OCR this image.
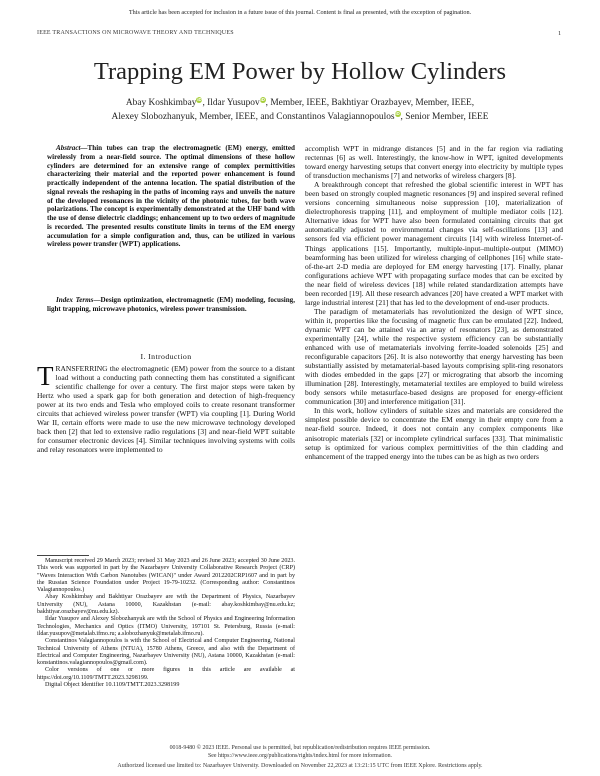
This article has been accepted for inclusion in a future issue of this journal. Content is final as presented, with the exception of pagination.
IEEE TRANSACTIONS ON MICROWAVE THEORY AND TECHNIQUES	1
Trapping EM Power by Hollow Cylinders
Abay KoshkimbayiD, Ildar YusupoviD, Member, IEEE, Bakhtiyar Orazbayev, Member, IEEE,
Alexey Slobozhanyuk, Member, IEEE, and Constantinos ValagiannopoulosiD, Senior Member, IEEE
Abstract—Thin tubes can trap the electromagnetic (EM) energy, emitted wirelessly from a near-field source. The optimal dimensions of these hollow cylinders are determined for an extensive range of complex permittivities characterizing their material and the reported power enhancement is found practically independent of the antenna location. The spatial distribution of the signal reveals the reshaping in the paths of incoming rays and unveils the nature of the developed resonances in the vicinity of the photonic tubes, for both wave polarizations. The concept is experimentally demonstrated at the UHF band with the use of dense dielectric claddings; enhancement up to two orders of magnitude is recorded. The presented results constitute limits in terms of the EM energy accumulation for a simple configuration and, thus, can be utilized in various wireless power transfer (WPT) applications.
Index Terms—Design optimization, electromagnetic (EM) modeling, focusing, light trapping, microwave photonics, wireless power transmission.
I. Introduction
TRANSFERRING the electromagnetic (EM) power from the source to a distant load without a conducting path connecting them has constituted a significant scientific challenge for over a century. The first major steps were taken by Hertz who used a spark gap for both generation and detection of high-frequency power at its two ends and Tesla who employed coils to create resonant transformer circuits that achieved wireless power transfer (WPT) via coupling [1]. During World War II, certain efforts were made to use the new microwave technology developed back then [2] that led to extensive radio regulations [3] and near-field WPT suitable for consumer electronic devices [4]. Similar techniques involving systems with coils and relay resonators were implemented to

Manuscript received 29 March 2023; revised 31 May 2023 and 26 June 2023; accepted 30 June 2023. This work was supported in part by the Nazarbayev University Collaborative Research Project (CRP) "Waves Interaction With Carbon Nanotubes (WICAN)" under Award 2012202CRP1607 and in part by the Russian Science Foundation under Project 19-79-10232. (Corresponding author: Constantinos Valagiannopoulos.)

Abay Koshkimbay and Bakhtiyar Orazbayev are with the Department of Physics, Nazarbayev University (NU), Astana 10000, Kazakhstan (e-mail: abay.koshkimbay@nu.edu.kz; bakhtiyar.orazbayev@nu.edu.kz).

Ildar Yusupov and Alexey Slobozhanyuk are with the School of Physics and Engineering Information Technologies, Mechanics and Optics (ITMO) University, 197101 St. Petersburg, Russia (e-mail: ildar.yusupov@metalab.ifmo.ru; a.slobozhanyuk@metalab.ifmo.ru).

Constantinos Valagiannopoulos is with the School of Electrical and Computer Engineering, National Technical University of Athens (NTUA), 15780 Athens, Greece, and also with the Department of Electrical and Computer Engineering, Nazarbayev University (NU), Astana 10000, Kazakhstan (e-mail: konstantinos.valagiannopoulos@gmail.com).

Color versions of one or more figures in this article are available at https://doi.org/10.1109/TMTT.2023.3298199.

Digital Object Identifier 10.1109/TMTT.2023.3298199

accomplish WPT in midrange distances [5] and in the far region via radiating rectennas [6] as well. Interestingly, the know-how in WPT, ignited developments toward energy harvesting setups that convert energy into electricity by multiple types of transduction mechanisms [7] and networks of wireless chargers [8].

A breakthrough concept that refreshed the global scientific interest in WPT has been based on strongly coupled magnetic resonances [9] and inspired several refined versions concerning simultaneous noise suppression [10], materialization of dielectrophoresis trapping [11], and employment of multiple mediator coils [12]. Alternative ideas for WPT have also been formulated containing circuits that get automatically adjusted to environmental changes via self-oscillations [13] and sensors fed via efficient power management circuits [14] with wireless Internet-of-Things applications [15]. Importantly, multiple-input–multiple-output (MIMO) beamforming has been utilized for wireless charging of cellphones [16] while state-of-the-art 2-D media are deployed for EM energy harvesting [17]. Finally, planar configurations achieve WPT with propagating surface modes that can be excited by the near field of wireless devices [18] while related standardization attempts have been recorded [19]. All these research advances [20] have created a WPT market with large industrial interest [21] that has led to the development of end-user products.

The paradigm of metamaterials has revolutionized the design of WPT since, within it, properties like the focusing of magnetic flux can be emulated [22]. Indeed, dynamic WPT can be attained via an array of resonators [23], as demonstrated experimentally [24], while the respective system efficiency can be substantially enhanced with use of metamaterials involving ferrite-loaded solenoids [25] and reconfigurable capacitors [26]. It is also noteworthy that energy harvesting has been substantially assisted by metamaterial-based layouts comprising split-ring resonators with diodes embedded in the gaps [27] or micrograting that absorb the incoming illumination [28]. Interestingly, metamaterial textiles are employed to build wireless body sensors while metasurface-based designs are proposed for energy-efficient communication [30] and interference mitigation [31].

In this work, hollow cylinders of suitable sizes and materials are considered the simplest possible device to concentrate the EM energy in their empty core from a near-field source. Indeed, it does not contain any complex components like anisotropic materials [32] or incomplete cylindrical surfaces [33]. That minimalistic setup is optimized for various complex permittivities of the thin cladding and enhancement of the trapped energy into the tubes can be as high as two orders

0018-9480 © 2023 IEEE. Personal use is permitted, but republication/redistribution requires IEEE permission.
See https://www.ieee.org/publications/rights/index.html for more information.
Authorized licensed use limited to: Nazarbayev University. Downloaded on November 22,2023 at 13:21:15 UTC from IEEE Xplore. Restrictions apply.
